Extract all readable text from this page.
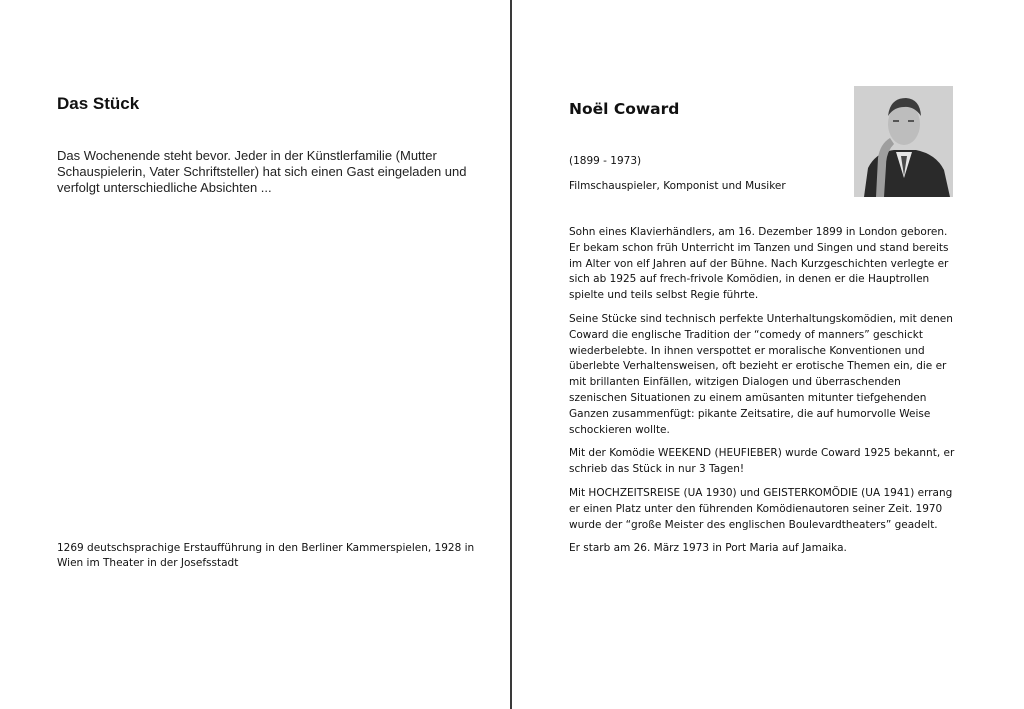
Das Stück

Das Wochenende steht bevor. Jeder in der Künstlerfamilie (Mutter Schauspielerin, Vater Schriftsteller) hat sich einen Gast eingeladen und verfolgt unterschiedliche Absichten ...

1269 deutschsprachige Erstaufführung in den Berliner Kammerspielen, 1928 in Wien im Theater in der Josefsstadt

Noël Coward

(1899 - 1973)

Filmschauspieler, Komponist und Musiker

Sohn eines Klavierhändlers, am 16. Dezember 1899 in London geboren. Er bekam schon früh Unterricht im Tanzen und Singen und stand bereits im Alter von elf Jahren auf der Bühne. Nach Kurzgeschichten verlegte er sich ab 1925 auf frech-frivole Komödien, in denen er die Hauptrollen spielte und teils selbst Regie führte.

Seine Stücke sind technisch perfekte Unterhaltungskomödien, mit denen Coward die englische Tradition der “comedy of manners” geschickt wiederbelebte. In ihnen verspottet er moralische Konventionen und überlebte Verhaltensweisen, oft bezieht er erotische Themen ein, die er mit brillanten Einfällen, witzigen Dialogen und überraschenden szenischen Situationen zu einem amüsanten mitunter tiefgehenden Ganzen zusammenfügt: pikante Zeitsatire, die auf humorvolle Weise schockieren wollte.

Mit der Komödie WEEKEND (HEUFIEBER) wurde Coward 1925 bekannt, er schrieb das Stück in nur 3 Tagen!

Mit HOCHZEITSREISE (UA 1930) und GEISTERKOMÖDIE (UA 1941) errang er einen Platz unter den führenden Komödienautoren seiner Zeit. 1970 wurde der “große Meister des englischen Boulevardtheaters” geadelt.

Er starb am 26. März 1973 in Port Maria auf Jamaika.
